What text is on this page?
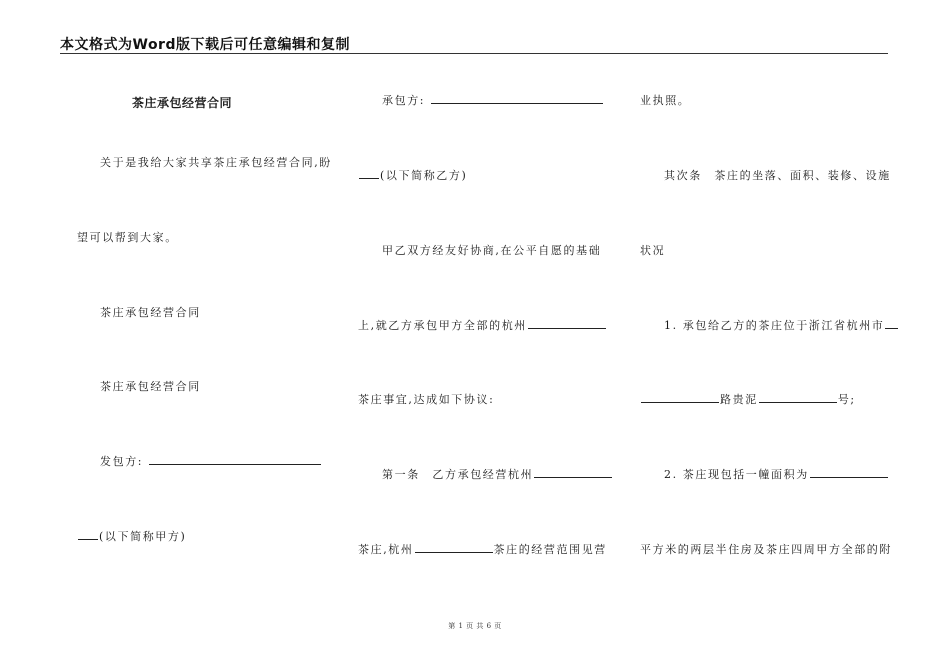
本文格式为Word版下载后可任意编辑和复制
茶庄承包经营合同
关于是我给大家共享茶庄承包经营合同,盼
望可以帮到大家。
茶庄承包经营合同
茶庄承包经营合同
发包方:
(以下简称甲方)
承包方:
(以下简称乙方)
甲乙双方经友好协商,在公平自愿的基础
上,就乙方承包甲方全部的杭州
茶庄事宜,达成如下协议:
第一条　乙方承包经营杭州
茶庄,杭州	茶庄的经营范围见营
业执照。
其次条　茶庄的坐落、面积、装修、设施
状况
1. 承包给乙方的茶庄位于浙江省杭州市
路贵泥	号;
2. 茶庄现包括一幢面积为
平方米的两层半住房及茶庄四周甲方全部的附
第 1 页 共 6 页
